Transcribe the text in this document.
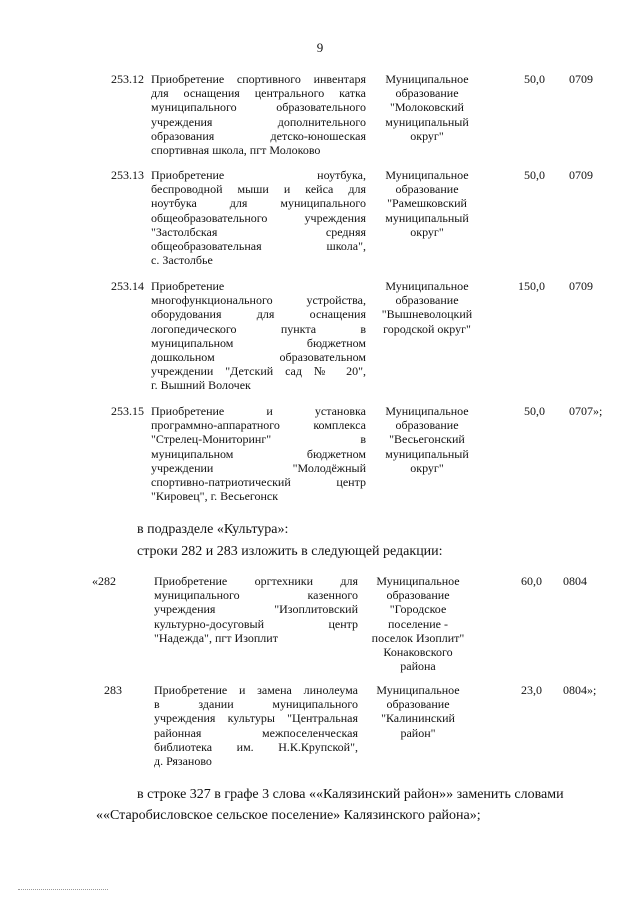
9
253.12 Приобретение спортивного инвентаря
для оснащения центрального катка
муниципального образовательного
учреждения дополнительного
образования детско-юношеская
спортивная школа, пгт Молоково
Муниципальное образование "Молоковский муниципальный округ"
50,0 0709
253.13 Приобретение ноутбука,
беспроводной мыши и кейса для
ноутбука для муниципального
общеобразовательного учреждения
"Застолбская средняя
общеобразовательная школа",
с. Застолбье
Муниципальное образование "Рамешковский муниципальный округ"
50,0 0709
253.14 Приобретение
многофункционального устройства,
оборудования для оснащения
логопедического пункта в
муниципальном бюджетном
дошкольном образовательном
учреждении "Детский сад № 20",
г. Вышний Волочек
Муниципальное образование "Вышневолоцкий городской округ"
150,0 0709
253.15 Приобретение и установка
программно-аппаратного комплекса
"Стрелец-Мониторинг" в
муниципальном бюджетном
учреждении "Молодёжный
спортивно-патриотический центр
"Кировец", г. Весьегонск
Муниципальное образование "Весьегонский муниципальный округ"
50,0 0707»;
в подразделе «Культура»:
строки 282 и 283 изложить в следующей редакции:
«282	Приобретение оргтехники для
муниципального казенного
учреждения "Изоплитовский
культурно-досуговый центр
"Надежда", пгт Изоплит
Муниципальное образование "Городское поселение - поселок Изоплит" Конаковского района
60,0 0804
283	Приобретение и замена линолеума
в здании муниципального
учреждения культуры "Центральная
районная межпоселенческая
библиотека им. Н.К.Крупской",
д. Рязаново
Муниципальное образование "Калининский район"
23,0 0804»;
в строке 327 в графе 3 слова ««Калязинский район»» заменить словами
««Старобисловское сельское поселение» Калязинского района»;
